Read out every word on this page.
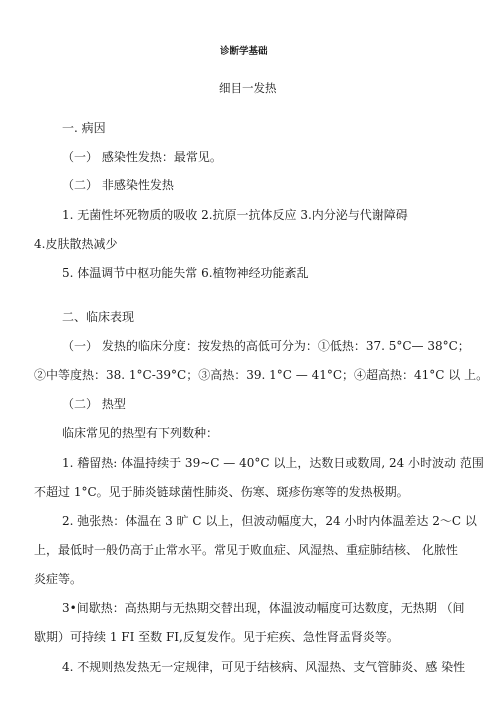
诊断学基础
细目一发热
一. 病因
（一） 感染性发热：最常见。
（二） 非感染性发热
1. 无菌性坏死物质的吸收 2.抗原一抗体反应 3.内分泌与代谢障碍
4.皮肤散热减少
5. 体温调节中枢功能失常 6.植物神经功能紊乱
二、临床表现
（一） 发热的临床分度：按发热的高低可分为：①低热：37. 5°C— 38°C；
②中等度热：38. 1°C-39°C；③高热：39. 1°C — 41°C；④超高热：41°C 以 上。
（二） 热型
临床常见的热型有下列数种：
1. 稽留热: 体温持续于 39~C — 40°C 以上，达数日或数周, 24 小时波动 范围
不超过 1°C。见于肺炎链球菌性肺炎、伤寒、斑疹伤寒等的发热极期。
2. 弛张热：体温在 3 旷 C 以上，但波动幅度大，24 小时内体温差达 2〜C 以
上，最低时一般仍高于止常水平。常见于败血症、风湿热、重症肺结核、 化脓性
炎症等。
3•间歇热：高热期与无热期交替出现，体温波动幅度可达数度，无热期 （间
歇期）可持续 1 FI 至数 FI,反复发作。见于疟疾、急性肾盂肾炎等。
4. 不规则热发热无一定规律，可见于结核病、风湿热、支气管肺炎、感 染性
